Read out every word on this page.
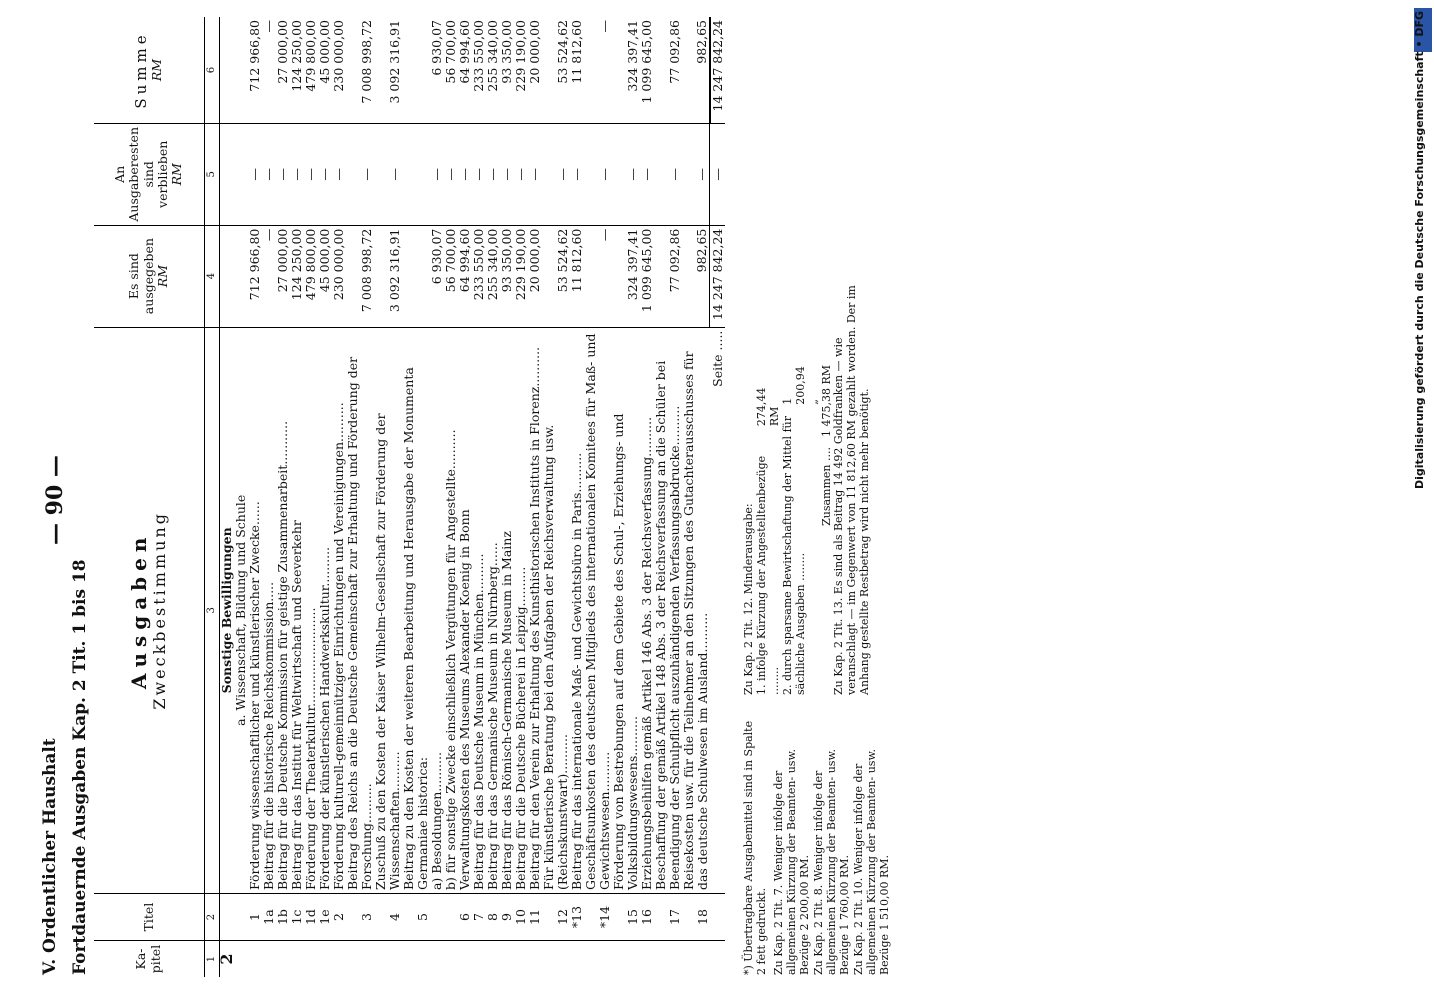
Digitalisierung gefördert durch die Deutsche Forschungsgemeinschaft • DFG
V. Ordentlicher Haushalt Fortdauernde Ausgaben Kap. 2 Tit. 1 bis 18
— 90 —
Ka-pitel	Titel	Ausgaben Zweckbestimmung	Es sind ausgegeben
RM	An Ausgaberesten sind verblieben
RM	Summe
RM
1	2	3	4	5	6
2		Sonstige Bewilligungen			
		a. Wissenschaft, Bildung und Schule			
	1	Förderung wissenschaftlicher und künstlerischer Zwecke......	712 966,80	—	712 966,80
	1a	Beitrag für die historische Reichskommission.....	—	—	—
	1b	Beitrag für die Deutsche Kommission für geistige Zusammenarbeit...........	27 000,00	—	27 000,00
	1c	Beitrag für das Institut für Weltwirtschaft und Seeverkehr	124 250,00	—	124 250,00
	1d	Förderung der Theaterkultur.........................	479 800,00	—	479 800,00
	1e	Förderung der künstlerischen Handwerkskultur..........	45 000,00	—	45 000,00
	2	Förderung kulturell-gemeinnütziger Einrichtungen und Vereinigungen..........	230 000,00	—	230 000,00
	3	Beitrag des Reichs an die Deutsche Gemeinschaft zur Erhaltung und Förderung der Forschung..........	7 008 998,72	—	7 008 998,72
	4	Zuschuß zu den Kosten der Kaiser Wilhelm-Gesellschaft zur Förderung der Wissenschaften..........	3 092 316,91	—	3 092 316,91
	5	Beitrag zu den Kosten der weiteren Bearbeitung und Herausgabe der Monumenta Germaniae historica:			
		a) Besoldungen..........	6 930,07	—	6 930,07
		b) für sonstige Zwecke einschließlich Vergütungen für Angestellte..........	56 700,00	—	56 700,00
	6	Verwaltungskosten des Museums Alexander Koenig in Bonn	64 994,60	—	64 994,60
	7	Beitrag für das Deutsche Museum in München..........	233 550,00	—	233 550,00
	8	Beitrag für das Germanische Museum in Nürnberg......	255 340,00	—	255 340,00
	9	Beitrag für das Römisch-Germanische Museum in Mainz	93 350,00	—	93 350,00
	10	Beitrag für die Deutsche Bücherei in Leipzig..........	229 190,00	—	229 190,00
	11	Beitrag für den Verein zur Erhaltung des Kunsthistorischen Instituts in Florenz..........	20 000,00	—	20 000,00
	12	Für künstlerische Beratung bei den Aufgaben der Reichsverwaltung usw. (Reichskunstwart)..........	53 524,62	—	53 524,62
	*13	Beitrag für das internationale Maß- und Gewichtsbüro in Paris..........	11 812,60	—	11 812,60
	*14	Geschäftsunkosten des deutschen Mitglieds des internationalen Komitees für Maß- und Gewichtswesen..........	—	—	—
	15	Förderung von Bestrebungen auf dem Gebiete des Schul-, Erziehungs- und Volksbildungswesens..........	324 397,41	—	324 397,41
	16	Erziehungsbeihilfen gemäß Artikel 146 Abs. 3 der Reichsverfassung..........	1 099 645,00	—	1 099 645,00
	17	Beschaffung der gemäß Artikel 148 Abs. 3 der Reichsverfassung an die Schüler bei Beendigung der Schulpflicht auszuhändigenden Verfassungsabdrucke..........	77 092,86	—	77 092,86
	18	Reisekosten usw. für die Teilnehmer an den Sitzungen des Gutachterausschusses für das deutsche Schulwesen im Ausland..........	982,65	—	982,65
		Seite .....	14 247 842,24	—	14 247 842,24
*) Übertragbare Ausgabemittel sind in Spalte 2 fett gedruckt. Zu Kap. 2 Tit. 7. Weniger infolge der allgemeinen Kürzung der Beamten- usw. Bezüge 2 200,00 RM. Zu Kap. 2 Tit. 8. Weniger infolge der allgemeinen Kürzung der Beamten- usw. Bezüge 1 760,00 RM. Zu Kap. 2 Tit. 10. Weniger infolge der allgemeinen Kürzung der Beamten- usw. Bezüge 1 510,00 RM.
Zu Kap. 2 Tit. 12. Minderausgabe: 1. infolge Kürzung der Angestelltenbezüge ........
274,44 RM 2. durch sparsame Bewirtschaftung der Mittel für sächliche Ausgaben ........
1 200,94 „
Zusammen ....
1 475,38 RM Zu Kap. 2 Tit. 13. Es sind als Beitrag 14 492 Goldfranken — wie veranschlagt — im Gegenwert von 11 812,60 RM gezahlt worden. Der im Anhang gestellte Restbetrag wird nicht mehr benötigt.
